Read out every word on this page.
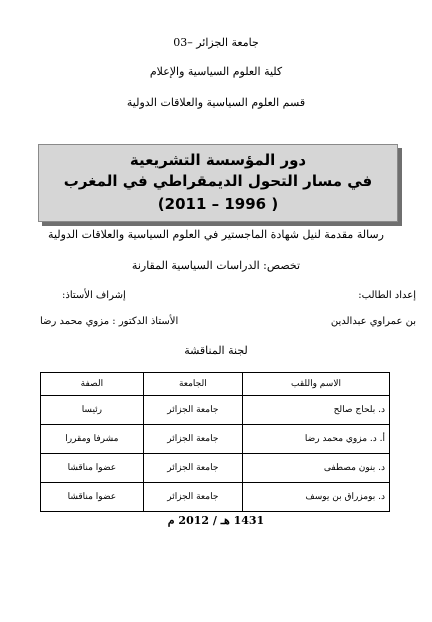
جامعة الجزائر –03
كلية العلوم السياسية والإعلام
قسم العلوم السياسية والعلاقات الدولية
دور المؤسسة التشريعية
في مسار التحول الديمقراطي في المغرب
( 1996 – 2011)
رسالة مقدمة لنيل شهادة الماجستير في العلوم السياسية والعلاقات الدولية
تخصص: الدراسات السياسية المقارنة
إعداد الطالب:
إشراف الأستاذ:
بن عمراوي عبدالدين
الأستاذ الدكتور : مزوي محمد رضا
لجنة المناقشة
الاسم واللقب	الجامعة	الصفة
د. بلحاج صالح	جامعة الجزائر	رئيسا
أ. د. مزوي محمد رضا	جامعة الجزائر	مشرفا ومقررا
د. بنون مصطفى	جامعة الجزائر	عضوا مناقشا
د. بومزراق بن يوسف	جامعة الجزائر	عضوا مناقشا
1431 هـ / 2012 م
